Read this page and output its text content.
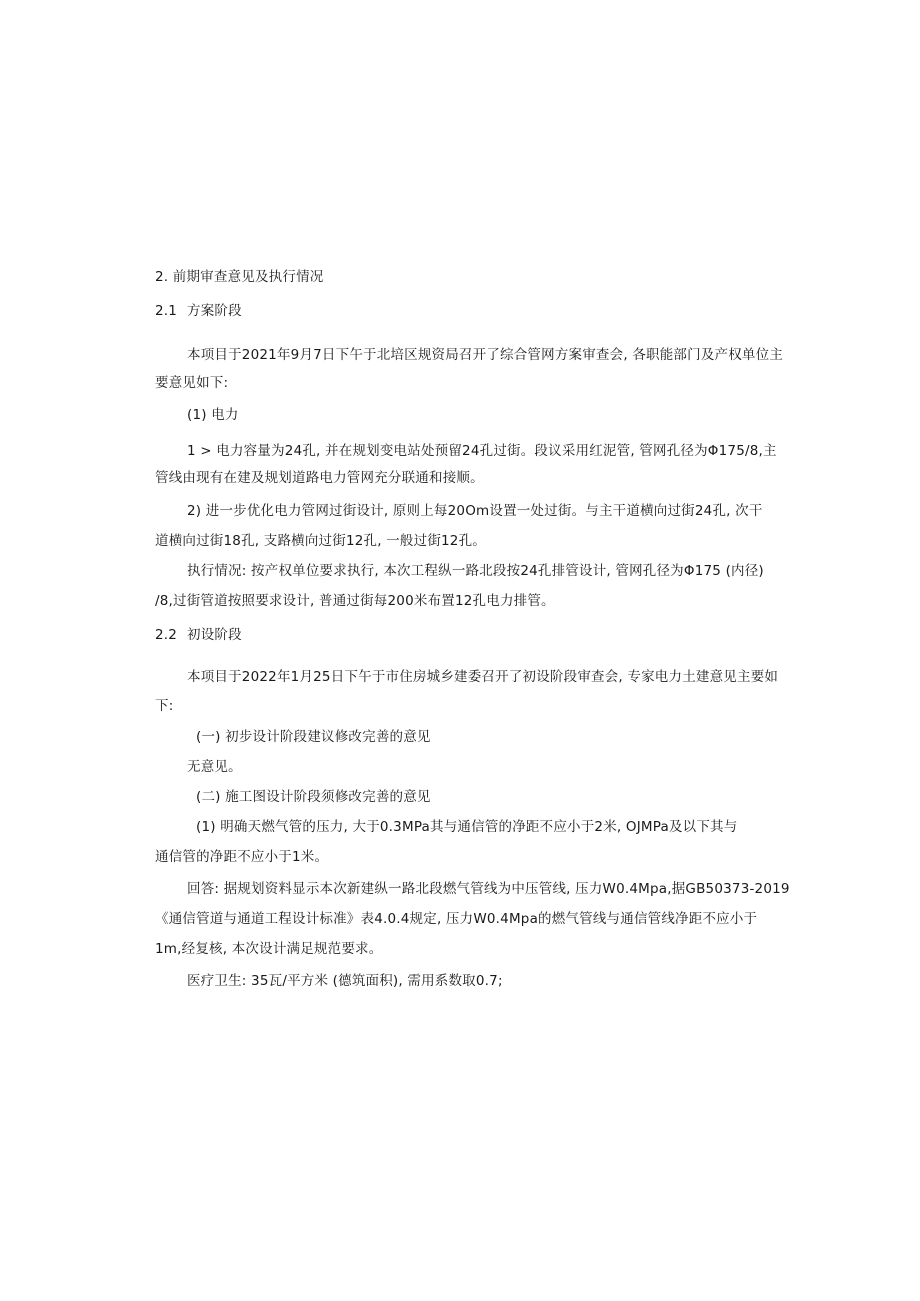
2. 前期审查意见及执行情况
2.1 方案阶段
本项目于2021年9月7日下午于北培区规资局召开了综合管网方案审查会, 各职能部门及产权单位主
要意见如下:
(1) 电力
1 > 电力容量为24孔, 并在规划变电站处预留24孔过街。段议采用红泥管, 管网孔径为Φ175/8,主
管线由现有在建及规划道路电力管网充分联通和接顺。
2) 进一步优化电力管网过街设计, 原则上每20Om设置一处过街。与主干道横向过街24孔, 次干
道横向过街18孔, 支路横向过街12孔, 一般过街12孔。
执行情况: 按产权单位要求执行, 本次工程纵一路北段按24孔排管设计, 管网孔径为Φ175 (内径)
/8,过街管道按照要求设计, 普通过街每200米布置12孔电力排管。
2.2 初设阶段
本项目于2022年1月25日下午于市住房城乡建委召开了初设阶段审查会, 专家电力土建意见主要如
下:
(一) 初步设计阶段建议修改完善的意见
无意见。
(二) 施工图设计阶段须修改完善的意见
(1) 明确天燃气管的压力, 大于0.3MPa其与通信管的净距不应小于2米, OJMPa及以下其与
通信管的净距不应小于1米。
回答: 据规划资料显示本次新建纵一路北段燃气管线为中压管线, 压力W0.4Mpa,据GB50373-2019
《通信管道与通道工程设计标准》表4.0.4规定, 压力W0.4Mpa的燃气管线与通信管线净距不应小于
1m,经复核, 本次设计满足规范要求。
医疗卫生: 35瓦/平方米 (德筑面积), 需用系数取0.7;
